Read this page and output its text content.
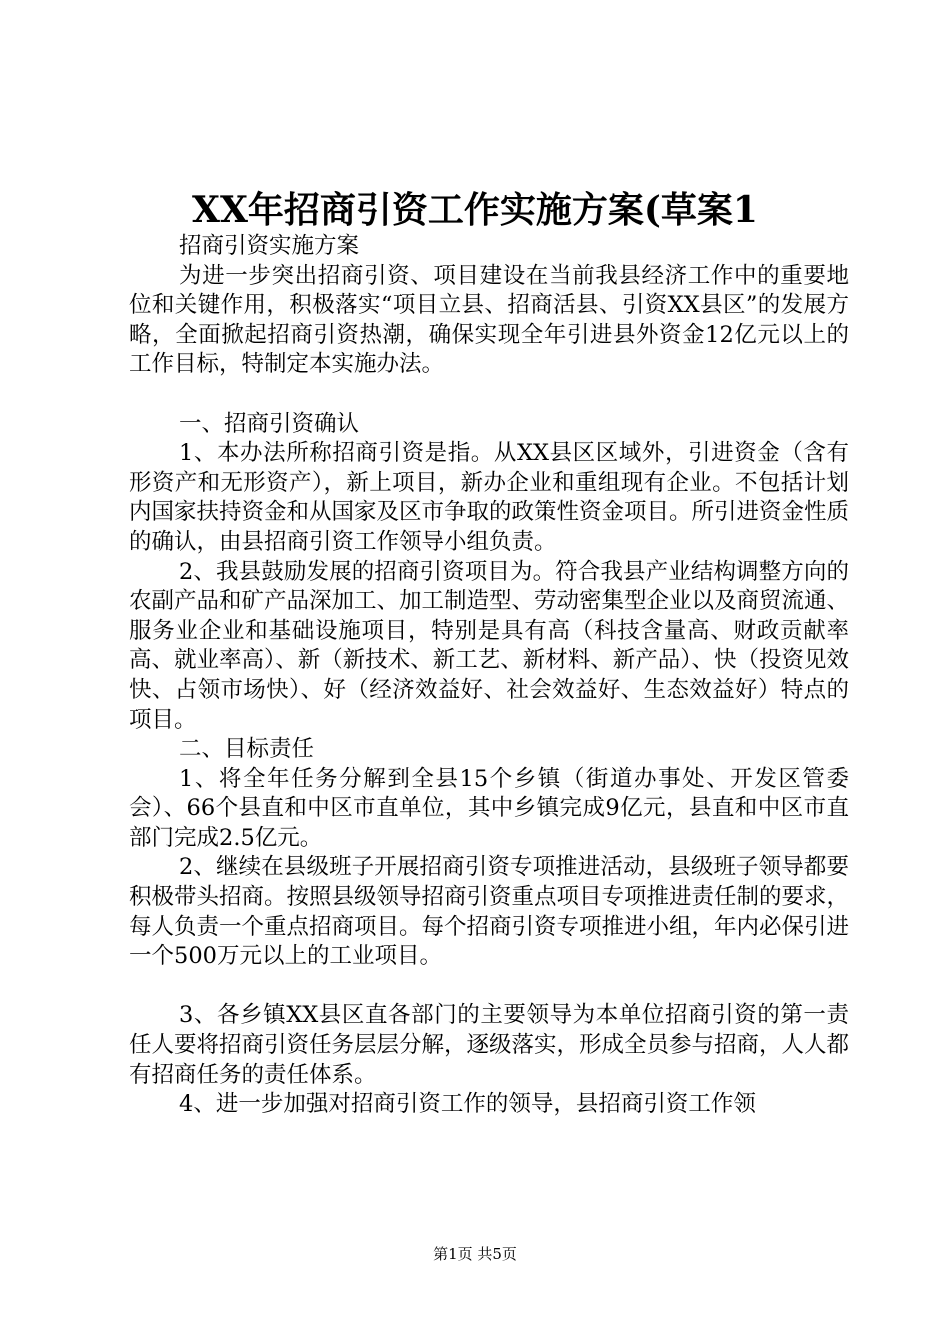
XX年招商引资工作实施方案(草案1

招商引资实施方案

为进一步突出招商引资、项目建设在当前我县经济工作中的重要地位和关键作用，积极落实“项目立县、招商活县、引资XX县区”的发展方略，全面掀起招商引资热潮，确保实现全年引进县外资金12亿元以上的工作目标，特制定本实施办法。

一、招商引资确认

1、本办法所称招商引资是指。从XX县区区域外，引进资金（含有形资产和无形资产），新上项目，新办企业和重组现有企业。不包括计划内国家扶持资金和从国家及区市争取的政策性资金项目。所引进资金性质的确认，由县招商引资工作领导小组负责。

2、我县鼓励发展的招商引资项目为。符合我县产业结构调整方向的农副产品和矿产品深加工、加工制造型、劳动密集型企业以及商贸流通、服务业企业和基础设施项目，特别是具有高（科技含量高、财政贡献率高、就业率高）、新（新技术、新工艺、新材料、新产品）、快（投资见效快、占领市场快）、好（经济效益好、社会效益好、生态效益好）特点的项目。

二、目标责任

1、将全年任务分解到全县15个乡镇（街道办事处、开发区管委会）、66个县直和中区市直单位，其中乡镇完成9亿元，县直和中区市直部门完成2.5亿元。

2、继续在县级班子开展招商引资专项推进活动，县级班子领导都要积极带头招商。按照县级领导招商引资重点项目专项推进责任制的要求，每人负责一个重点招商项目。每个招商引资专项推进小组，年内必保引进一个500万元以上的工业项目。

3、各乡镇XX县区直各部门的主要领导为本单位招商引资的第一责任人要将招商引资任务层层分解，逐级落实，形成全员参与招商，人人都有招商任务的责任体系。

4、进一步加强对招商引资工作的领导，县招商引资工作领

第1页 共5页
